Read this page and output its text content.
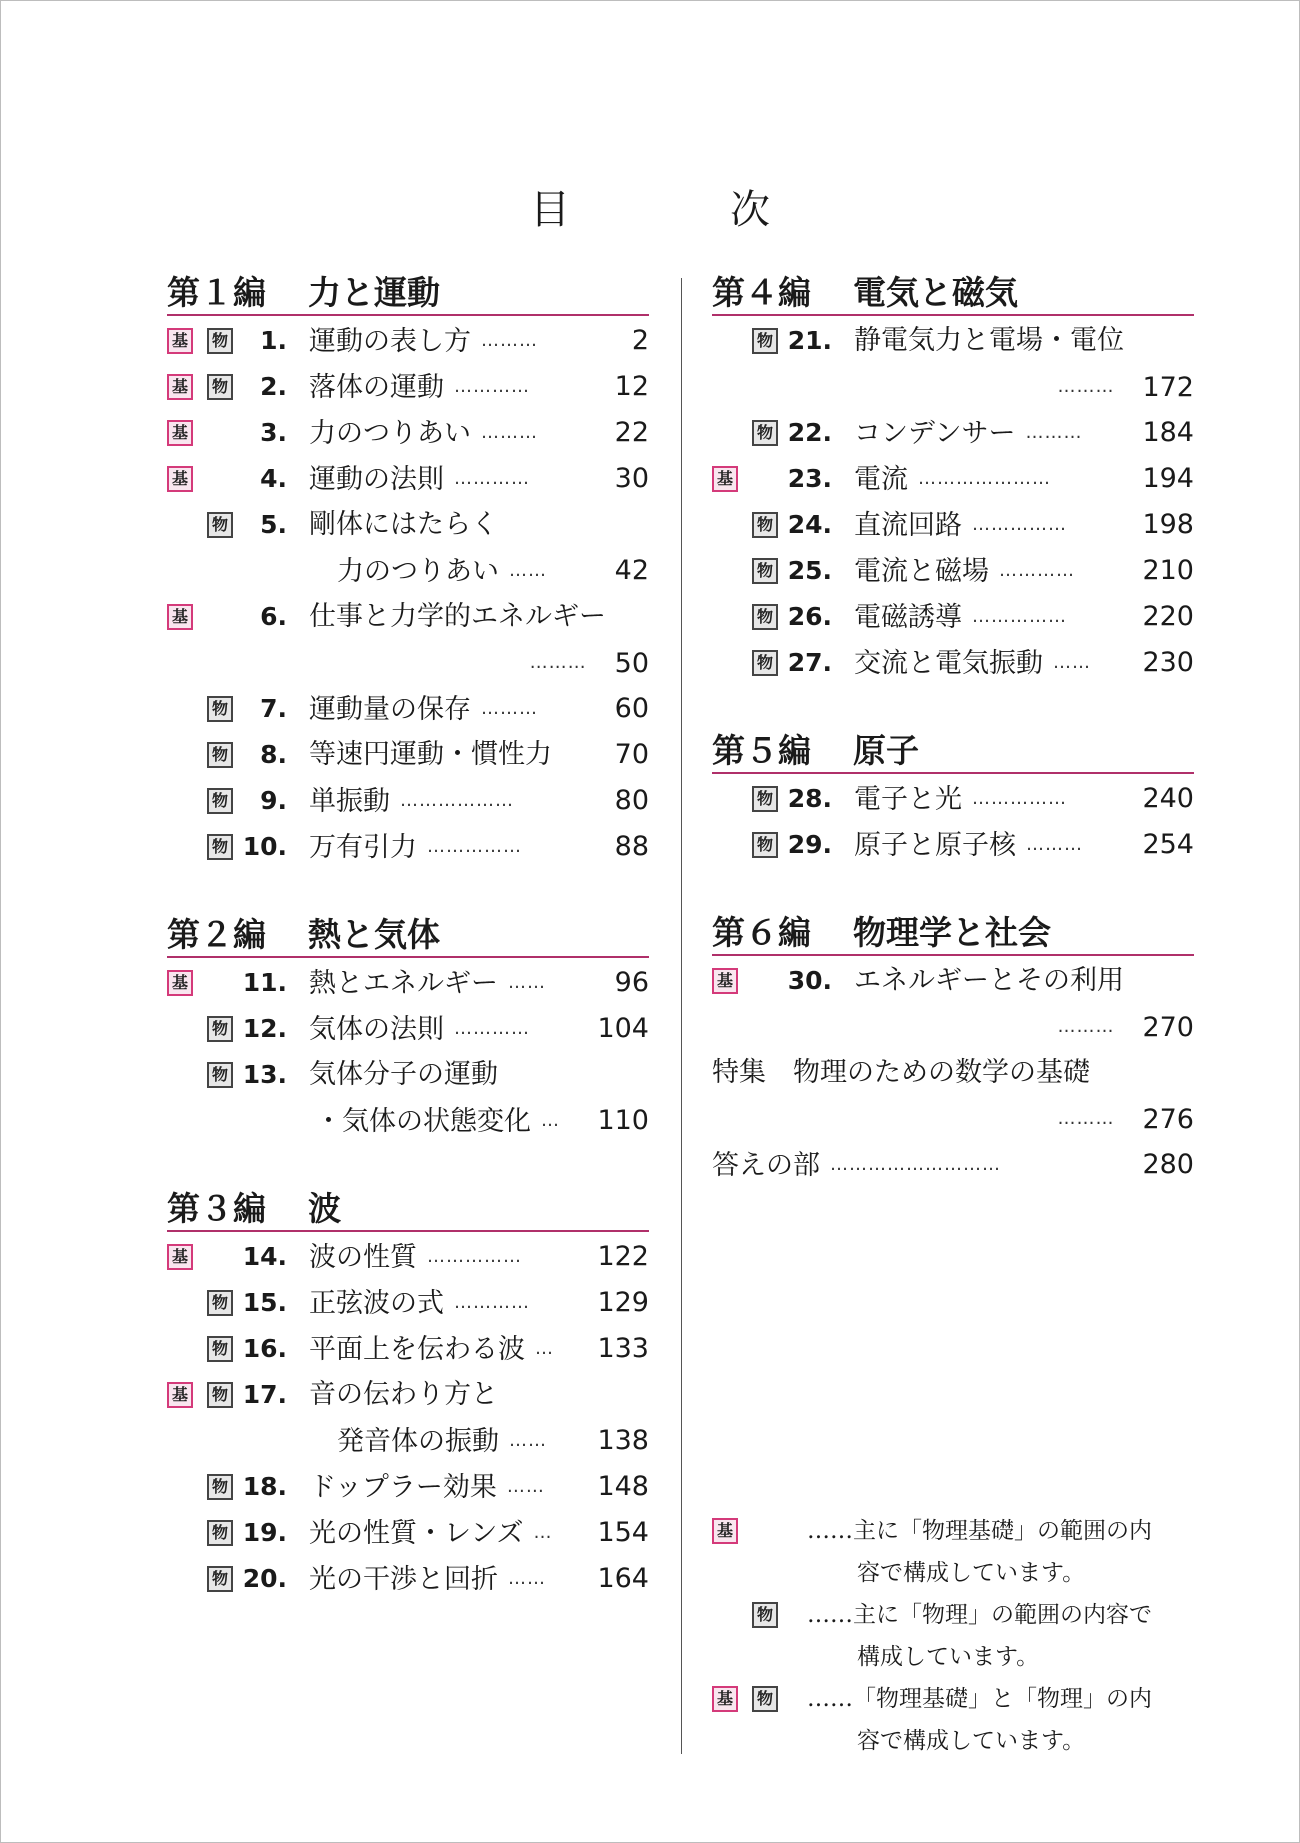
目	次
第１編 力と運動
基	物	1. 運動の表し方 ………	2
基	物	2. 落体の運動 …………	12
基	3. 力のつりあい ………	22
基	4. 運動の法則 …………	30
物	5. 剛体にはたらく
力のつりあい ……	42
基	6. 仕事と力学的エネルギー
……… 50
物	7. 運動量の保存 ………	60
物	8. 等速円運動・慣性力 70
物	9. 単振動 ………………	80
物 10. 万有引力 ……………	88
第２編 熱と気体
基 11. 熱とエネルギー ……	96
物 12. 気体の法則 ………… 104
物 13. 気体分子の運動
・気体の状態変化 … 110
第３編 波
基 14. 波の性質 ……………	122
物 15. 正弦波の式 ………… 129
物 16. 平面上を伝わる波 … 133
基	物 17. 音の伝わり方と
発音体の振動 …… 138
物 18. ドップラー効果 …… 148
物 19. 光の性質・レンズ … 154
物 20. 光の干渉と回折 …… 164
第４編 電気と磁気
物 21. 静電気力と電場・電位
……… 172
物 22. コンデンサー ……… 184
基 23. 電流 …………………	194
物 24. 直流回路 ……………	198
物 25. 電流と磁場 ………… 210
物 26. 電磁誘導 ……………	220
物 27. 交流と電気振動 …… 230
第５編 原子
物 28. 電子と光 ……………	240
物 29. 原子と原子核 ……… 254
第６編 物理学と社会
基 30. エネルギーとその利用
……… 270
特集　物理のための数学の基礎
……… 276
答えの部 ………………………	280
基	……主に「物理基礎」の範囲の内
容で構成しています。
物 ……主に「物理」の範囲の内容で
構成しています。
基	物 ……「物理基礎」と「物理」の内
容で構成しています。
